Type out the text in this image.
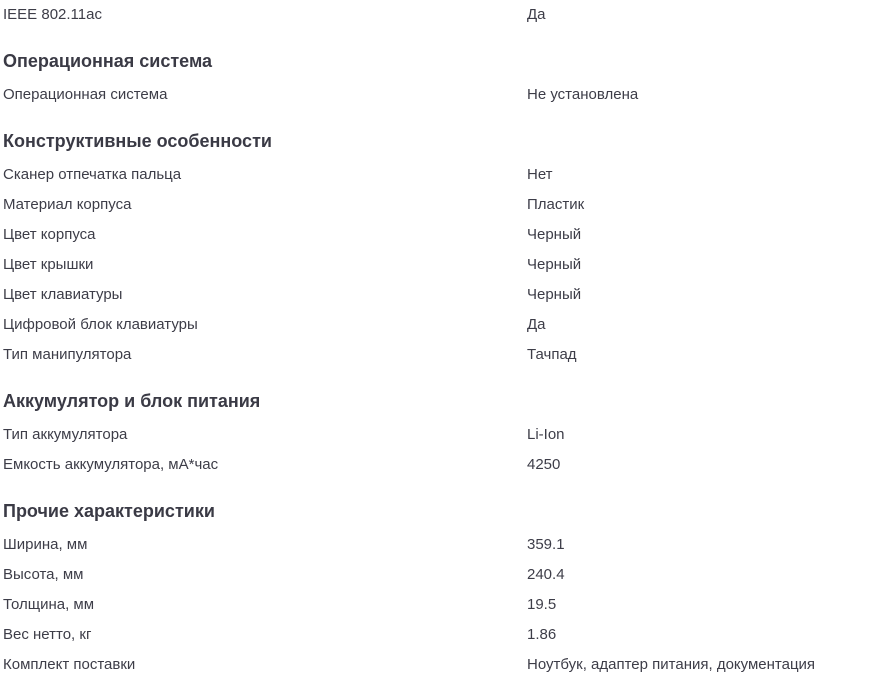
IEEE 802.11ac	Да
Операционная система
Операционная система	Не установлена
Конструктивные особенности
Сканер отпечатка пальца	Нет
Материал корпуса	Пластик
Цвет корпуса	Черный
Цвет крышки	Черный
Цвет клавиатуры	Черный
Цифровой блок клавиатуры	Да
Тип манипулятора	Тачпад
Аккумулятор и блок питания
Тип аккумулятора	Li-Ion
Емкость аккумулятора, мА*час	4250
Прочие характеристики
Ширина, мм	359.1
Высота, мм	240.4
Толщина, мм	19.5
Вес нетто, кг	1.86
Комплект поставки	Ноутбук, адаптер питания, документация
